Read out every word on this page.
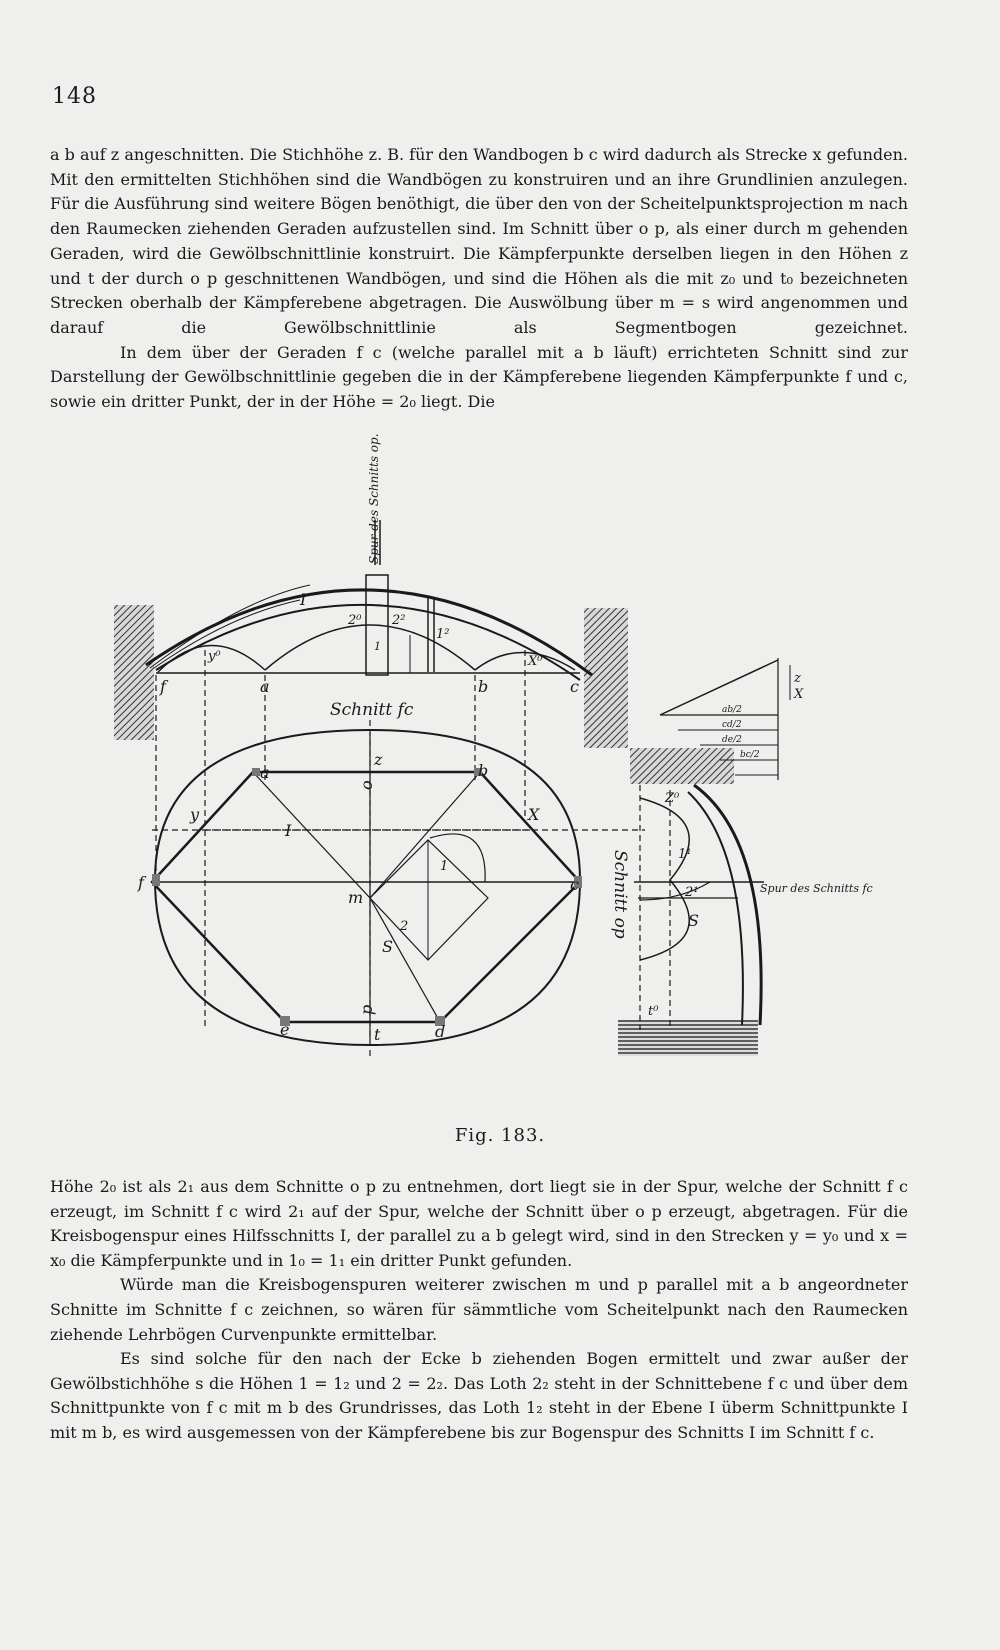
148

a b auf z angeschnitten. Die Stichhöhe z. B. für den Wandbogen b c wird dadurch als Strecke x gefunden. Mit den ermittelten Stichhöhen sind die Wandbögen zu konstruiren und an ihre Grundlinien anzulegen. Für die Ausführung sind weitere Bögen benöthigt, die über den von der Scheitelpunktsprojection m nach den Raumecken ziehenden Geraden aufzustellen sind. Im Schnitt über o p, als einer durch m gehenden Geraden, wird die Gewölbschnittlinie konstruirt. Die Kämpferpunkte derselben liegen in den Höhen z und t der durch o p geschnittenen Wandbögen, und sind die Höhen als die mit z₀ und t₀ bezeichneten Strecken oberhalb der Kämpferebene abgetragen. Die Auswölbung über m = s wird angenommen und darauf die Gewölbschnittlinie als Segmentbogen gezeichnet.

In dem über der Geraden f c (welche parallel mit a b läuft) errichteten Schnitt sind zur Darstellung der Gewölbschnittlinie gegeben die in der Kämpferebene liegenden Kämpferpunkte f und c, sowie ein dritter Punkt, der in der Höhe = 2₀ liegt. Die

Spur des Schnitts op.
Schnitt fc
Schnitt op	Spur des Schnitts fc
f	a	b	c
a	b
f	c
e	d
m
o
p
z
t
S
S
X
y
I
I
1
2
y⁰	X⁰
Z⁰
t⁰
2⁰ 2²
1²
1
1¹
2¹
z
X
ab/2
cd/2
de/2
bc/2
Fig. 183.

Höhe 2₀ ist als 2₁ aus dem Schnitte o p zu entnehmen, dort liegt sie in der Spur, welche der Schnitt f c erzeugt, im Schnitt f c wird 2₁ auf der Spur, welche der Schnitt über o p erzeugt, abgetragen. Für die Kreisbogenspur eines Hilfsschnitts I, der parallel zu a b gelegt wird, sind in den Strecken y = y₀ und x = x₀ die Kämpferpunkte und in 1₀ = 1₁ ein dritter Punkt gefunden.

Würde man die Kreisbogenspuren weiterer zwischen m und p parallel mit a b angeordneter Schnitte im Schnitte f c zeichnen, so wären für sämmtliche vom Scheitelpunkt nach den Raumecken ziehende Lehrbögen Curvenpunkte ermittelbar.

Es sind solche für den nach der Ecke b ziehenden Bogen ermittelt und zwar außer der Gewölbstichhöhe s die Höhen 1 = 1₂ und 2 = 2₂. Das Loth 2₂ steht in der Schnittebene f c und über dem Schnittpunkte von f c mit m b des Grundrisses, das Loth 1₂ steht in der Ebene I überm Schnittpunkte I mit m b, es wird ausgemessen von der Kämpferebene bis zur Bogenspur des Schnitts I im Schnitt f c.
